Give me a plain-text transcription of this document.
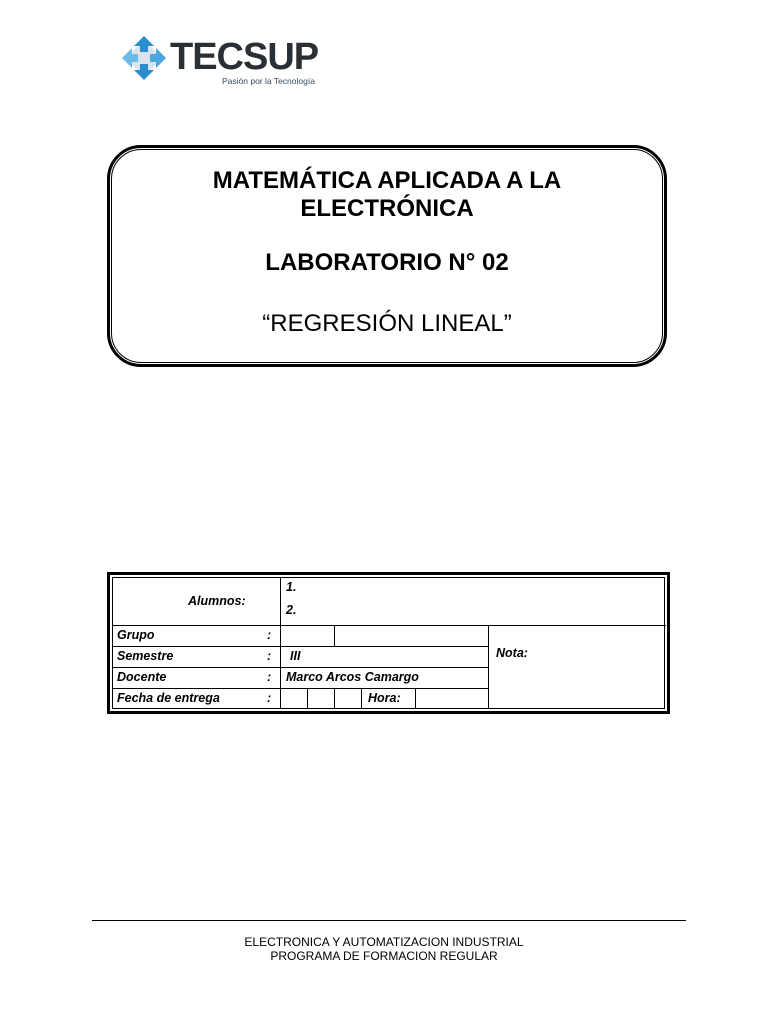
TECSUP
Pasión por la Tecnología
MATEMÁTICA APLICADA A LA ELECTRÓNICA
LABORATORIO N° 02
“REGRESIÓN LINEAL”
Alumnos:
1.
2.
Grupo	:
Semestre	: III
Docente	: Marco Arcos Camargo
Fecha de entrega	:	Hora:
Nota:
ELECTRONICA Y AUTOMATIZACION INDUSTRIAL
PROGRAMA DE FORMACION REGULAR
